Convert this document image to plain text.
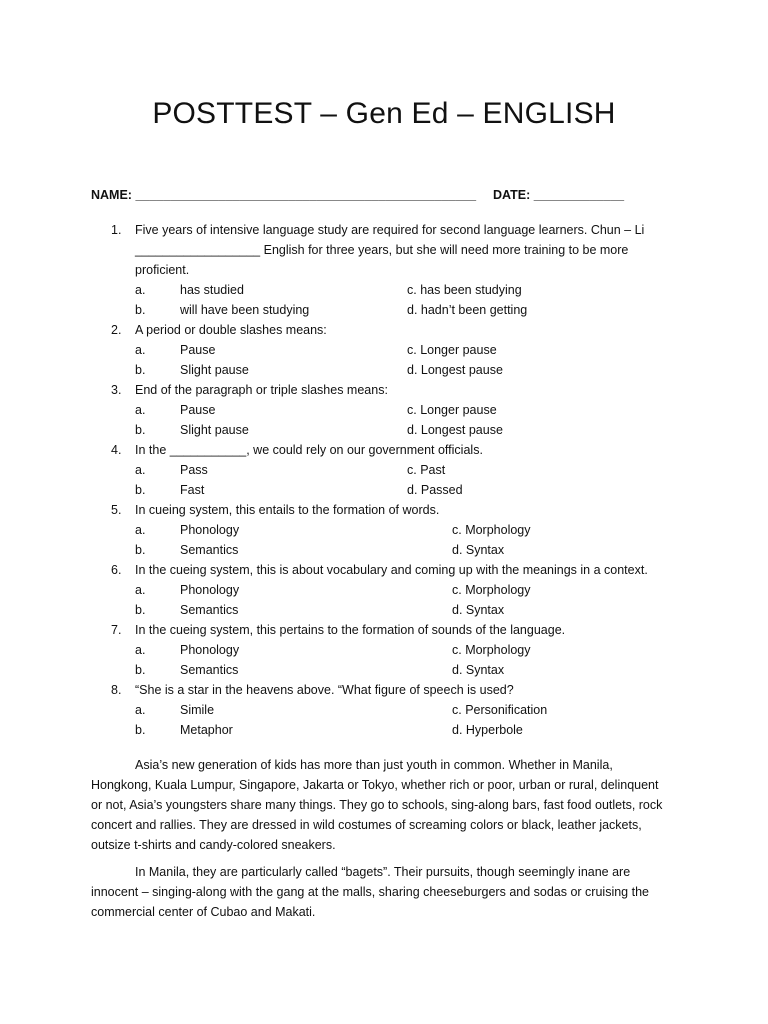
POSTTEST – Gen Ed – ENGLISH
NAME: _________________________________________________ DATE: _____________
1.	Five years of intensive language study are required for second language learners. Chun – Li __________________ English for three years, but she will need more training to be more proficient.
a.	has studied	c. has been studying
b.	will have been studying	d. hadn’t been getting
2.	A period or double slashes means:
a.	Pause	c. Longer pause
b.	Slight pause	d. Longest pause
3.	End of the paragraph or triple slashes means:
a.	Pause	c. Longer pause
b.	Slight pause	d. Longest pause
4.	In the ___________, we could rely on our government officials.
a.	Pass	c. Past
b.	Fast	d. Passed
5.	In cueing system, this entails to the formation of words.
a.	Phonology	c. Morphology
b.	Semantics	d. Syntax
6.	In the cueing system, this is about vocabulary and coming up with the meanings in a context.
a.	Phonology	c. Morphology
b.	Semantics	d. Syntax
7.	In the cueing system, this pertains to the formation of sounds of the language.
a.	Phonology	c. Morphology
b.	Semantics	d. Syntax
8.	“She is a star in the heavens above. “What figure of speech is used?
a.	Simile	c. Personification
b.	Metaphor	d. Hyperbole

Asia’s new generation of kids has more than just youth in common. Whether in Manila, Hongkong, Kuala Lumpur, Singapore, Jakarta or Tokyo, whether rich or poor, urban or rural, delinquent or not, Asia’s youngsters share many things. They go to schools, sing-along bars, fast food outlets, rock concert and rallies. They are dressed in wild costumes of screaming colors or black, leather jackets, outsize t-shirts and candy-colored sneakers.

In Manila, they are particularly called “bagets”. Their pursuits, though seemingly inane are innocent – singing-along with the gang at the malls, sharing cheeseburgers and sodas or cruising the commercial center of Cubao and Makati.
